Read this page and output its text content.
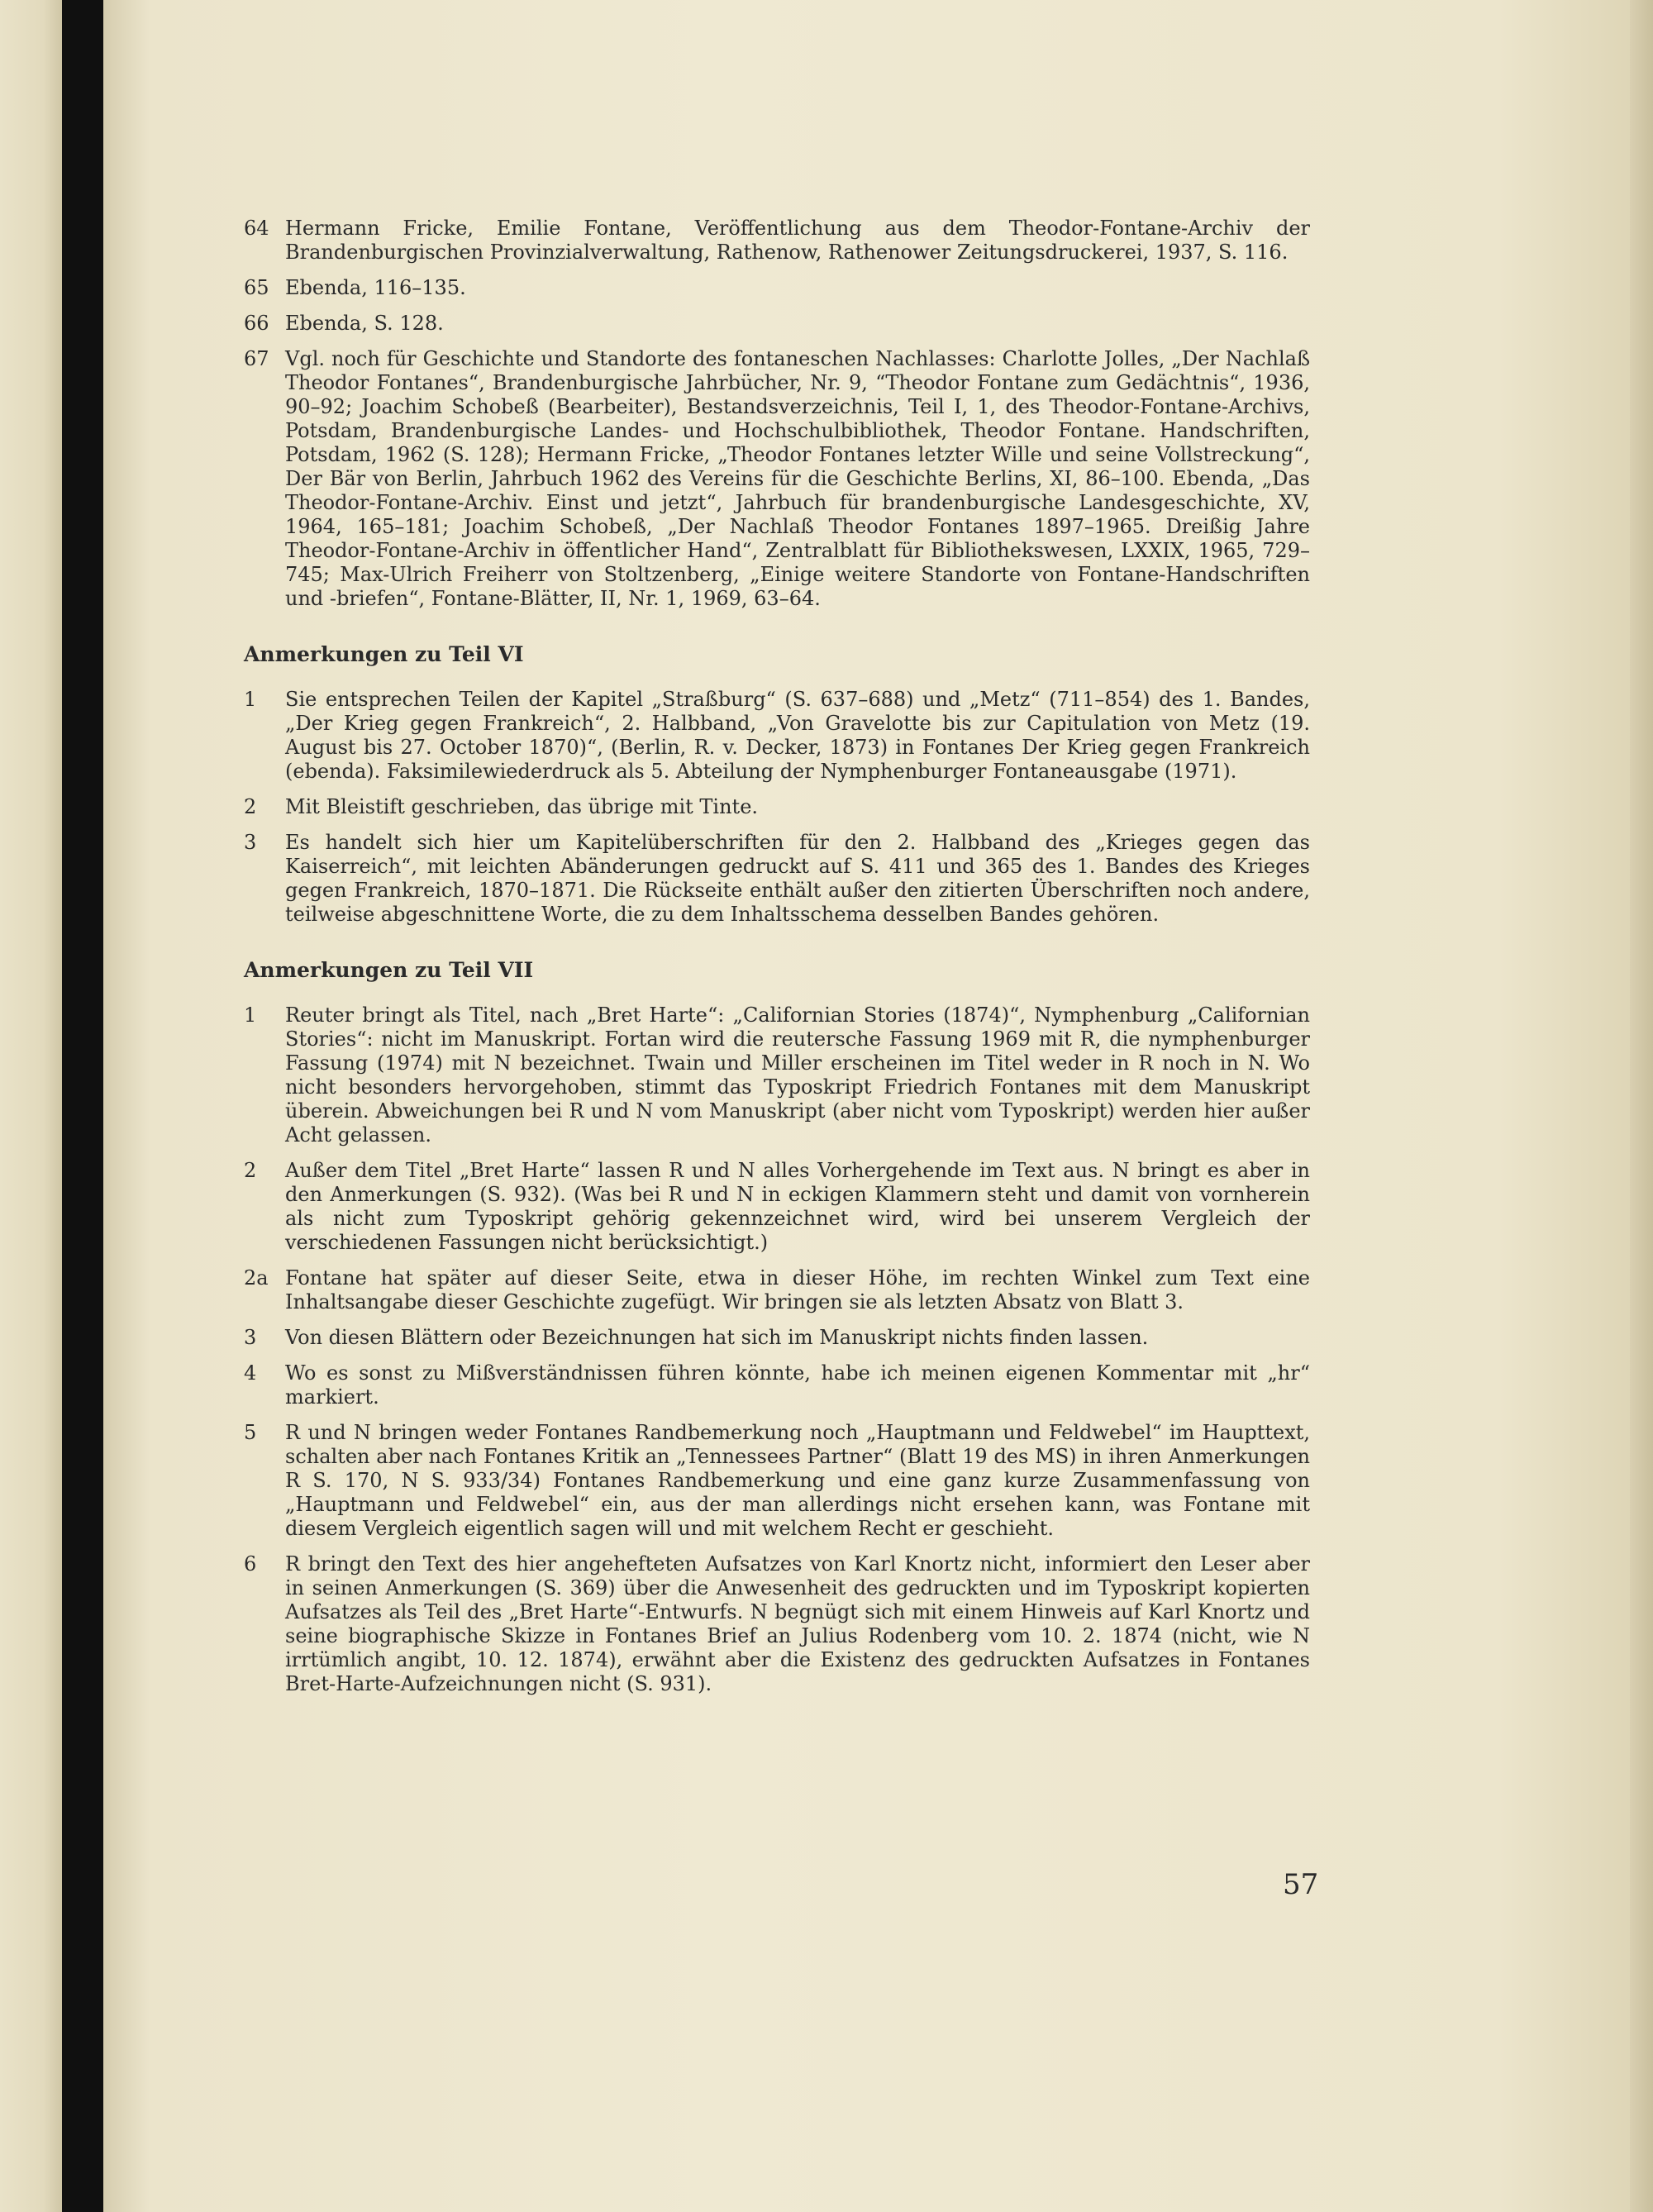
64 Hermann Fricke, Emilie Fontane, Veröffentlichung aus dem Theodor-Fontane-Archiv der Brandenburgischen Provinzialverwaltung, Rathenow, Rathenower Zeitungsdruckerei, 1937, S. 116.
65 Ebenda, 116–135.
66 Ebenda, S. 128.
67 Vgl. noch für Geschichte und Standorte des fontaneschen Nachlasses: Charlotte Jolles, „Der Nachlaß Theodor Fontanes“, Brandenburgische Jahrbücher, Nr. 9, “Theodor Fontane zum Gedächtnis“, 1936, 90–92; Joachim Schobeß (Bearbeiter), Bestandsverzeichnis, Teil I, 1, des Theodor-Fontane-Archivs, Potsdam, Brandenburgische Landes- und Hochschulbibliothek, Theodor Fontane. Handschriften, Potsdam, 1962 (S. 128); Hermann Fricke, „Theodor Fontanes letzter Wille und seine Vollstreckung“, Der Bär von Berlin, Jahrbuch 1962 des Vereins für die Geschichte Berlins, XI, 86–100. Ebenda, „Das Theodor-Fontane-Archiv. Einst und jetzt“, Jahrbuch für brandenburgische Landesgeschichte, XV, 1964, 165–181; Joachim Schobeß, „Der Nachlaß Theodor Fontanes 1897–1965. Dreißig Jahre Theodor-Fontane-Archiv in öffentlicher Hand“, Zentralblatt für Bibliothekswesen, LXXIX, 1965, 729–745; Max-Ulrich Freiherr von Stoltzenberg, „Einige weitere Standorte von Fontane-Handschriften und -briefen“, Fontane-Blätter, II, Nr. 1, 1969, 63–64.
Anmerkungen zu Teil VI
1	Sie entsprechen Teilen der Kapitel „Straßburg“ (S. 637–688) und „Metz“ (711–854) des 1. Bandes, „Der Krieg gegen Frankreich“, 2. Halbband, „Von Gravelotte bis zur Capitulation von Metz (19. August bis 27. October 1870)“, (Berlin, R. v. Decker, 1873) in Fontanes Der Krieg gegen Frankreich (ebenda). Faksimilewiederdruck als 5. Abteilung der Nymphenburger Fontaneausgabe (1971).
2	Mit Bleistift geschrieben, das übrige mit Tinte.
3	Es handelt sich hier um Kapitelüberschriften für den 2. Halbband des „Krieges gegen das Kaiserreich“, mit leichten Abänderungen gedruckt auf S. 411 und 365 des 1. Bandes des Krieges gegen Frankreich, 1870–1871. Die Rückseite enthält außer den zitierten Überschriften noch andere, teilweise abgeschnittene Worte, die zu dem Inhaltsschema desselben Bandes gehören.
Anmerkungen zu Teil VII
1	Reuter bringt als Titel, nach „Bret Harte“: „Californian Stories (1874)“, Nymphenburg „Californian Stories“: nicht im Manuskript. Fortan wird die reutersche Fassung 1969 mit R, die nymphenburger Fassung (1974) mit N bezeichnet. Twain und Miller erscheinen im Titel weder in R noch in N. Wo nicht besonders hervorgehoben, stimmt das Typoskript Friedrich Fontanes mit dem Manuskript überein. Abweichungen bei R und N vom Manuskript (aber nicht vom Typoskript) werden hier außer Acht gelassen.
2	Außer dem Titel „Bret Harte“ lassen R und N alles Vorhergehende im Text aus. N bringt es aber in den Anmerkungen (S. 932). (Was bei R und N in eckigen Klammern steht und damit von vornherein als nicht zum Typoskript gehörig gekennzeichnet wird, wird bei unserem Vergleich der verschiedenen Fassungen nicht berücksichtigt.)
2a Fontane hat später auf dieser Seite, etwa in dieser Höhe, im rechten Winkel zum Text eine Inhaltsangabe dieser Geschichte zugefügt. Wir bringen sie als letzten Absatz von Blatt 3.
3	Von diesen Blättern oder Bezeichnungen hat sich im Manuskript nichts finden lassen.
4	Wo es sonst zu Mißverständnissen führen könnte, habe ich meinen eigenen Kommentar mit „hr“ markiert.
5	R und N bringen weder Fontanes Randbemerkung noch „Hauptmann und Feldwebel“ im Haupttext, schalten aber nach Fontanes Kritik an „Tennessees Partner“ (Blatt 19 des MS) in ihren Anmerkungen R S. 170, N S. 933/34) Fontanes Randbemerkung und eine ganz kurze Zusammenfassung von „Hauptmann und Feldwebel“ ein, aus der man allerdings nicht ersehen kann, was Fontane mit diesem Vergleich eigentlich sagen will und mit welchem Recht er geschieht.
6	R bringt den Text des hier angehefteten Aufsatzes von Karl Knortz nicht, informiert den Leser aber in seinen Anmerkungen (S. 369) über die Anwesenheit des gedruckten und im Typoskript kopierten Aufsatzes als Teil des „Bret Harte“-Entwurfs. N begnügt sich mit einem Hinweis auf Karl Knortz und seine biographische Skizze in Fontanes Brief an Julius Rodenberg vom 10. 2. 1874 (nicht, wie N irrtümlich angibt, 10. 12. 1874), erwähnt aber die Existenz des gedruckten Aufsatzes in Fontanes Bret-Harte-Aufzeichnungen nicht (S. 931).
57
